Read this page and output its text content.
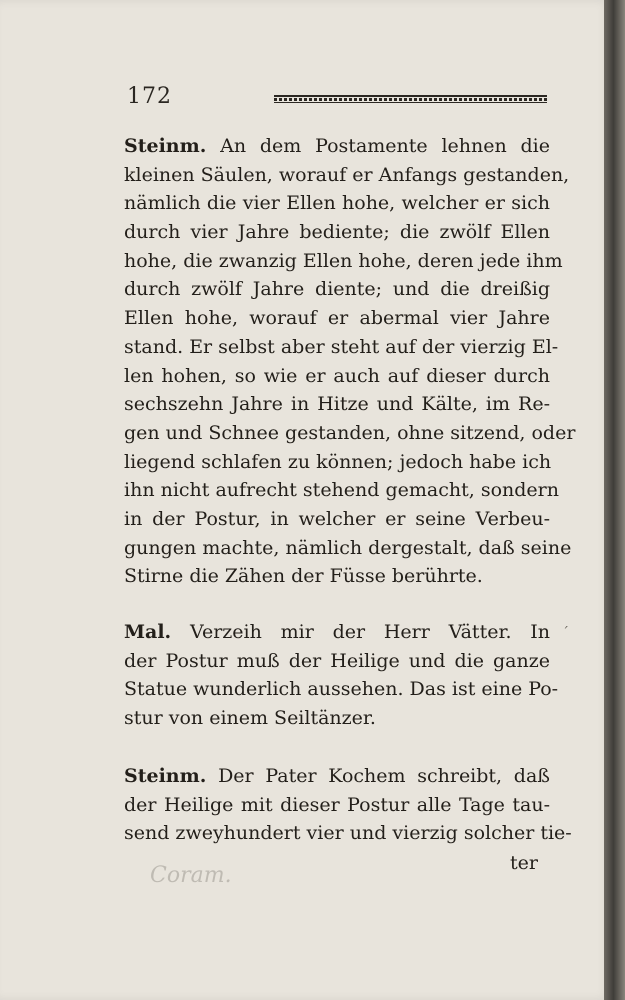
172
Steinm. An dem Postamente lehnen die
kleinen Säulen, worauf er Anfangs gestanden,
nämlich die vier Ellen hohe, welcher er sich
durch vier Jahre bediente; die zwölf Ellen
hohe, die zwanzig Ellen hohe, deren jede ihm
durch zwölf Jahre diente; und die dreißig
Ellen hohe, worauf er abermal vier Jahre
stand. Er selbst aber steht auf der vierzig El-
len hohen, so wie er auch auf dieser durch
sechszehn Jahre in Hitze und Kälte, im Re-
gen und Schnee gestanden, ohne sitzend, oder
liegend schlafen zu können; jedoch habe ich
ihn nicht aufrecht stehend gemacht, sondern
in der Postur, in welcher er seine Verbeu-
gungen machte, nämlich dergestalt, daß seine
Stirne die Zähen der Füsse berührte.
Mal. Verzeih mir der Herr Vätter. In
der Postur muß der Heilige und die ganze
Statue wunderlich aussehen. Das ist eine Po-
stur von einem Seiltänzer.
Steinm. Der Pater Kochem schreibt, daß
der Heilige mit dieser Postur alle Tage tau-
send zweyhundert vier und vierzig solcher tie-
ter
Coram.
ˊ
